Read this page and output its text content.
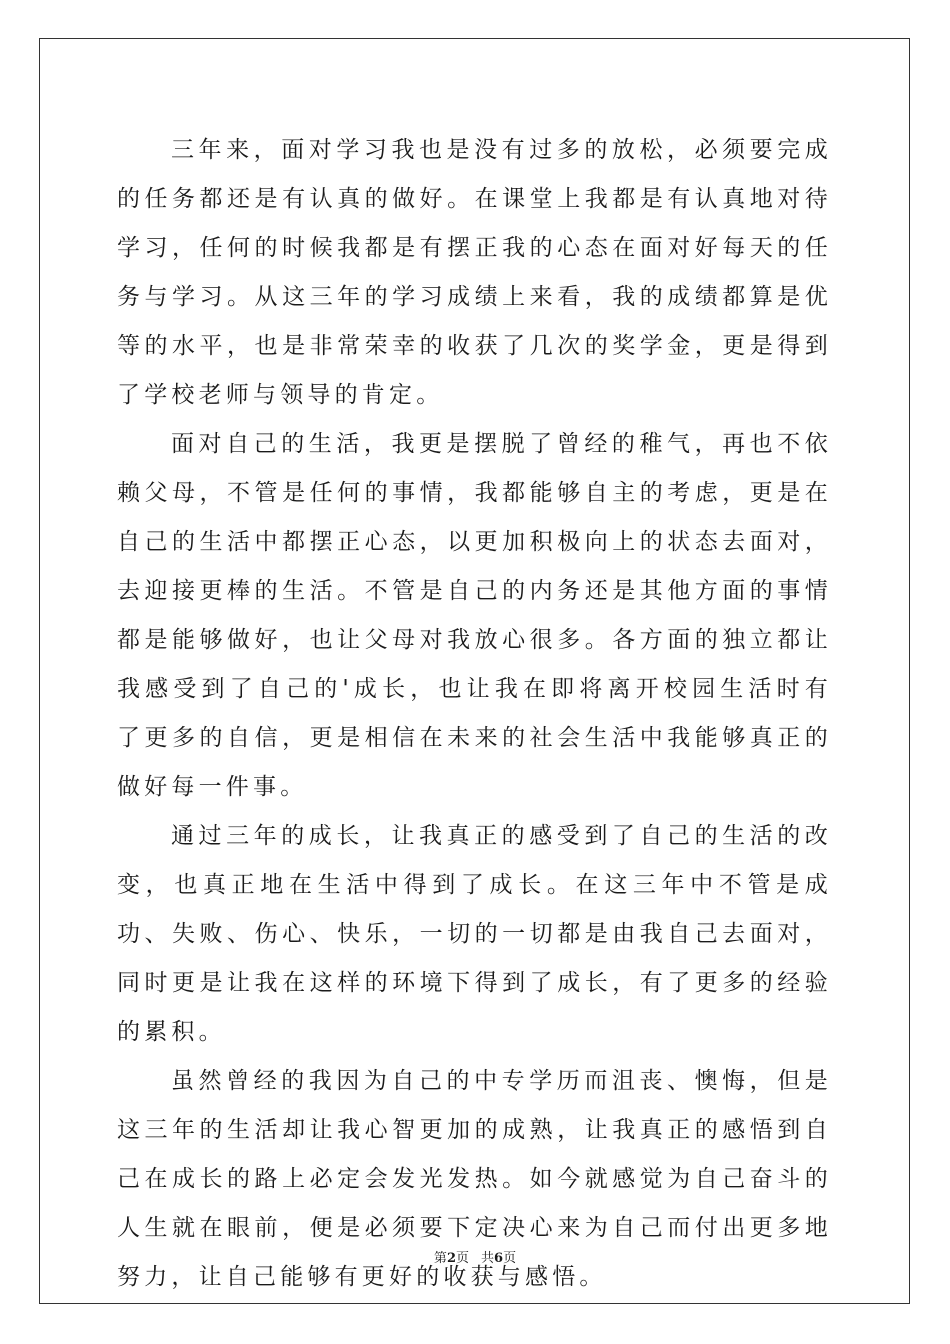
三年来，面对学习我也是没有过多的放松，必须要完成的任务都还是有认真的做好。在课堂上我都是有认真地对待学习，任何的时候我都是有摆正我的心态在面对好每天的任务与学习。从这三年的学习成绩上来看，我的成绩都算是优等的水平，也是非常荣幸的收获了几次的奖学金，更是得到了学校老师与领导的肯定。

面对自己的生活，我更是摆脱了曾经的稚气，再也不依赖父母，不管是任何的事情，我都能够自主的考虑，更是在自己的生活中都摆正心态，以更加积极向上的状态去面对，去迎接更棒的生活。不管是自己的内务还是其他方面的事情都是能够做好，也让父母对我放心很多。各方面的独立都让我感受到了自己的'成长，也让我在即将离开校园生活时有了更多的自信，更是相信在未来的社会生活中我能够真正的做好每一件事。

通过三年的成长，让我真正的感受到了自己的生活的改变，也真正地在生活中得到了成长。在这三年中不管是成功、失败、伤心、快乐，一切的一切都是由我自己去面对，同时更是让我在这样的环境下得到了成长，有了更多的经验的累积。

虽然曾经的我因为自己的中专学历而沮丧、懊悔，但是这三年的生活却让我心智更加的成熟，让我真正的感悟到自己在成长的路上必定会发光发热。如今就感觉为自己奋斗的人生就在眼前，便是必须要下定决心来为自己而付出更多地努力，让自己能够有更好的收获与感悟。

第2页 共6页
